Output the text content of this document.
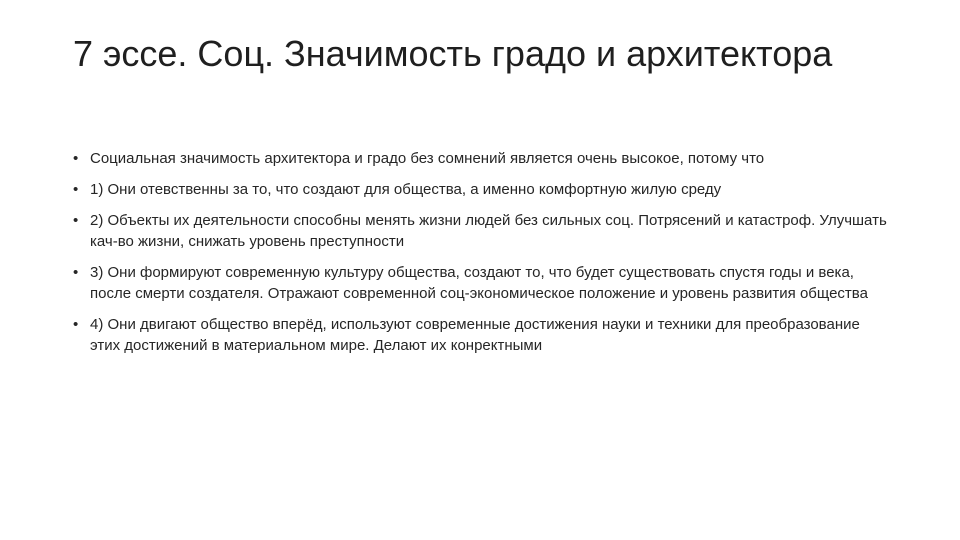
7 эссе. Соц. Значимость градо и архитектора
• Социальная значимость архитектора и градо без сомнений является очень высокое, потому что
• 1) Они отевственны за то, что создают для общества, а именно комфортную жилую среду
• 2) Объекты их деятельности способны менять жизни людей без сильных соц. Потрясений и катастроф. Улучшать кач-во жизни, снижать уровень преступности
• 3) Они формируют современную культуру общества, создают то, что будет существовать спустя годы и века, после смерти создателя. Отражают современной соц-экономическое положение и уровень развития общества
• 4) Они двигают общество вперёд, используют современные достижения науки и техники для преобразование этих достижений в материальном мире. Делают их конректными
